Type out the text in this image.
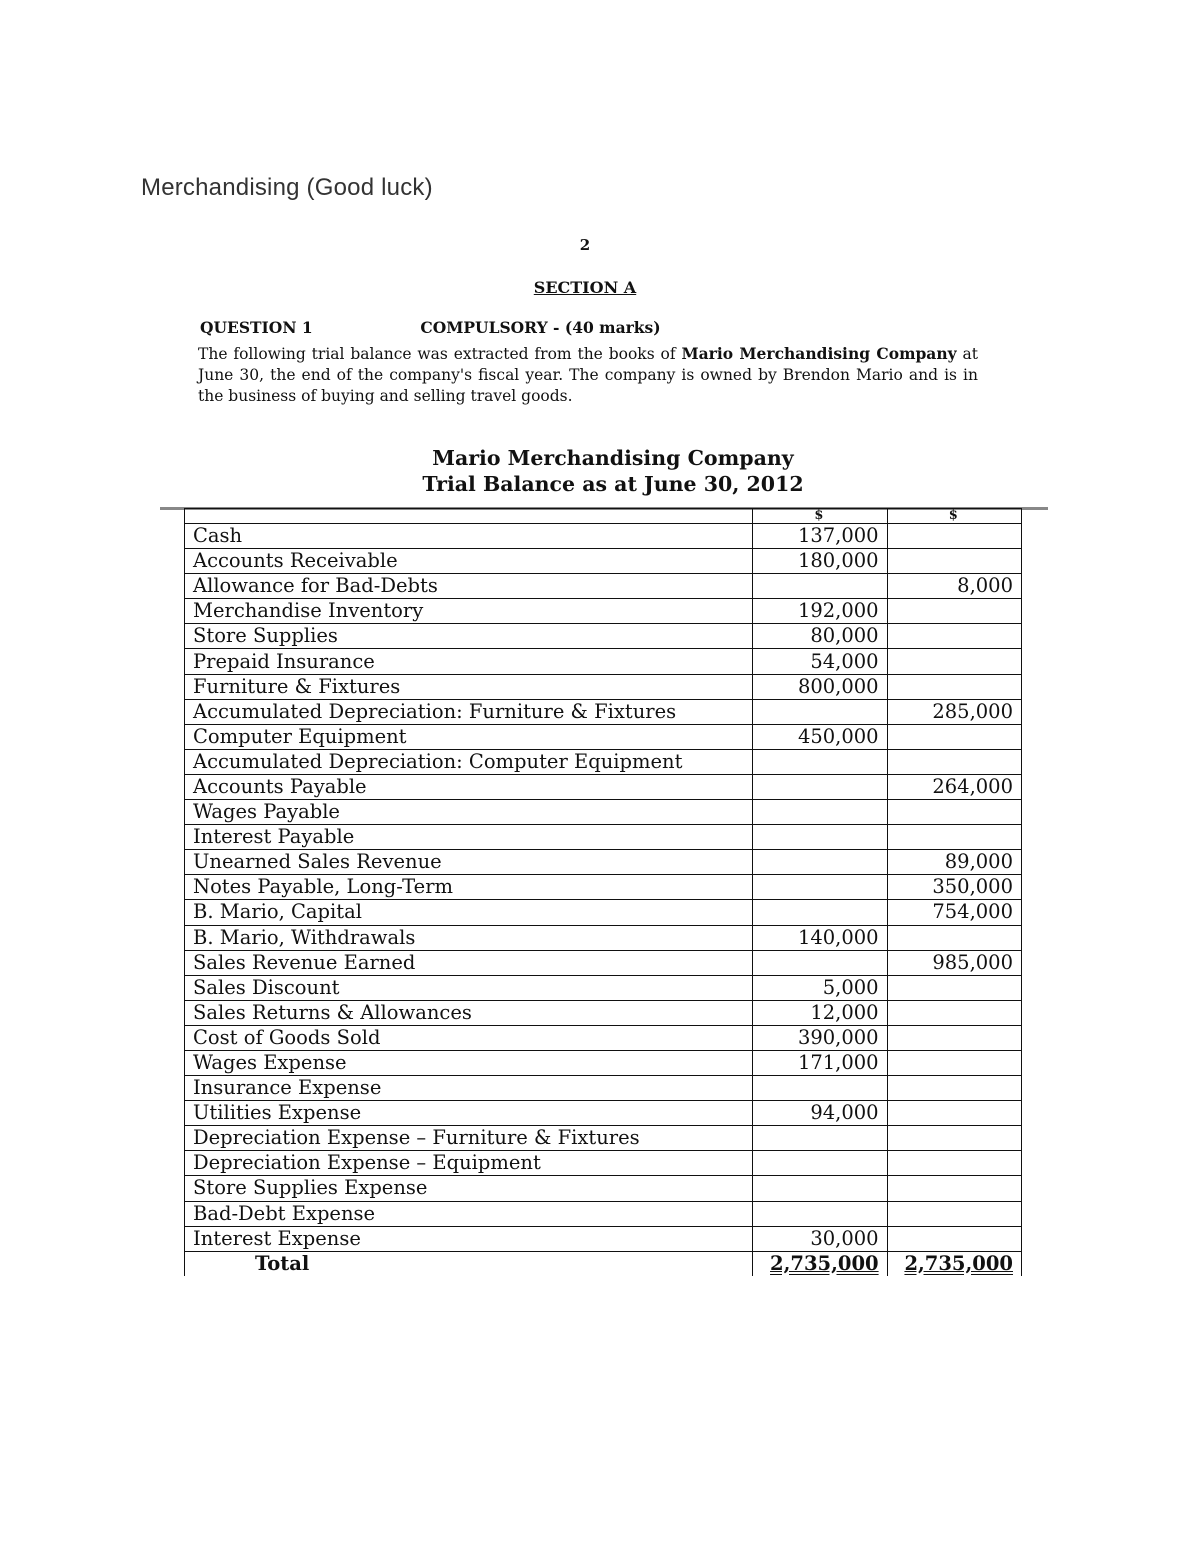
Merchandising (Good luck)
2
SECTION A
QUESTION 1	COMPULSORY - (40 marks)
The following trial balance was extracted from the books of Mario Merchandising Company at June 30, the end of the company's fiscal year. The company is owned by Brendon Mario and is in the business of buying and selling travel goods.
Mario Merchandising Company
Trial Balance as at June 30, 2012
	$	$
Cash	137,000	
Accounts Receivable	180,000	
Allowance for Bad-Debts		8,000
Merchandise Inventory	192,000	
Store Supplies	80,000	
Prepaid Insurance	54,000	
Furniture & Fixtures	800,000	
Accumulated Depreciation: Furniture & Fixtures		285,000
Computer Equipment	450,000	
Accumulated Depreciation: Computer Equipment		
Accounts Payable		264,000
Wages Payable		
Interest Payable		
Unearned Sales Revenue		89,000
Notes Payable, Long-Term		350,000
B. Mario, Capital		754,000
B. Mario, Withdrawals	140,000	
Sales Revenue Earned		985,000
Sales Discount	5,000	
Sales Returns & Allowances	12,000	
Cost of Goods Sold	390,000	
Wages Expense	171,000	
Insurance Expense		
Utilities Expense	94,000	
Depreciation Expense – Furniture & Fixtures		
Depreciation Expense – Equipment		
Store Supplies Expense		
Bad-Debt Expense		
Interest Expense	30,000	
Total	2,735,000	2,735,000
